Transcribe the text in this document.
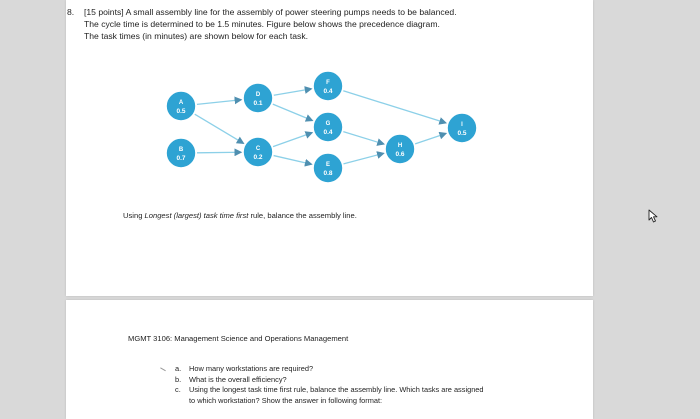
8. [15 points] A small assembly line for the assembly of power steering pumps needs to be balanced.
The cycle time is determined to be 1.5 minutes. Figure below shows the precedence diagram.
The task times (in minutes) are shown below for each task.
A
0.5
B
0.7
D
0.1
C
0.2
F
0.4
G
0.4
E
0.8
H
0.6
I
0.5
Using Longest (largest) task time first rule, balance the assembly line.
MGMT 3106: Management Science and Operations Management
a. How many workstations are required?
b. What is the overall efficiency?
c. Using the longest task time first rule, balance the assembly line. Which tasks are assigned
to which workstation? Show the answer in following format:
